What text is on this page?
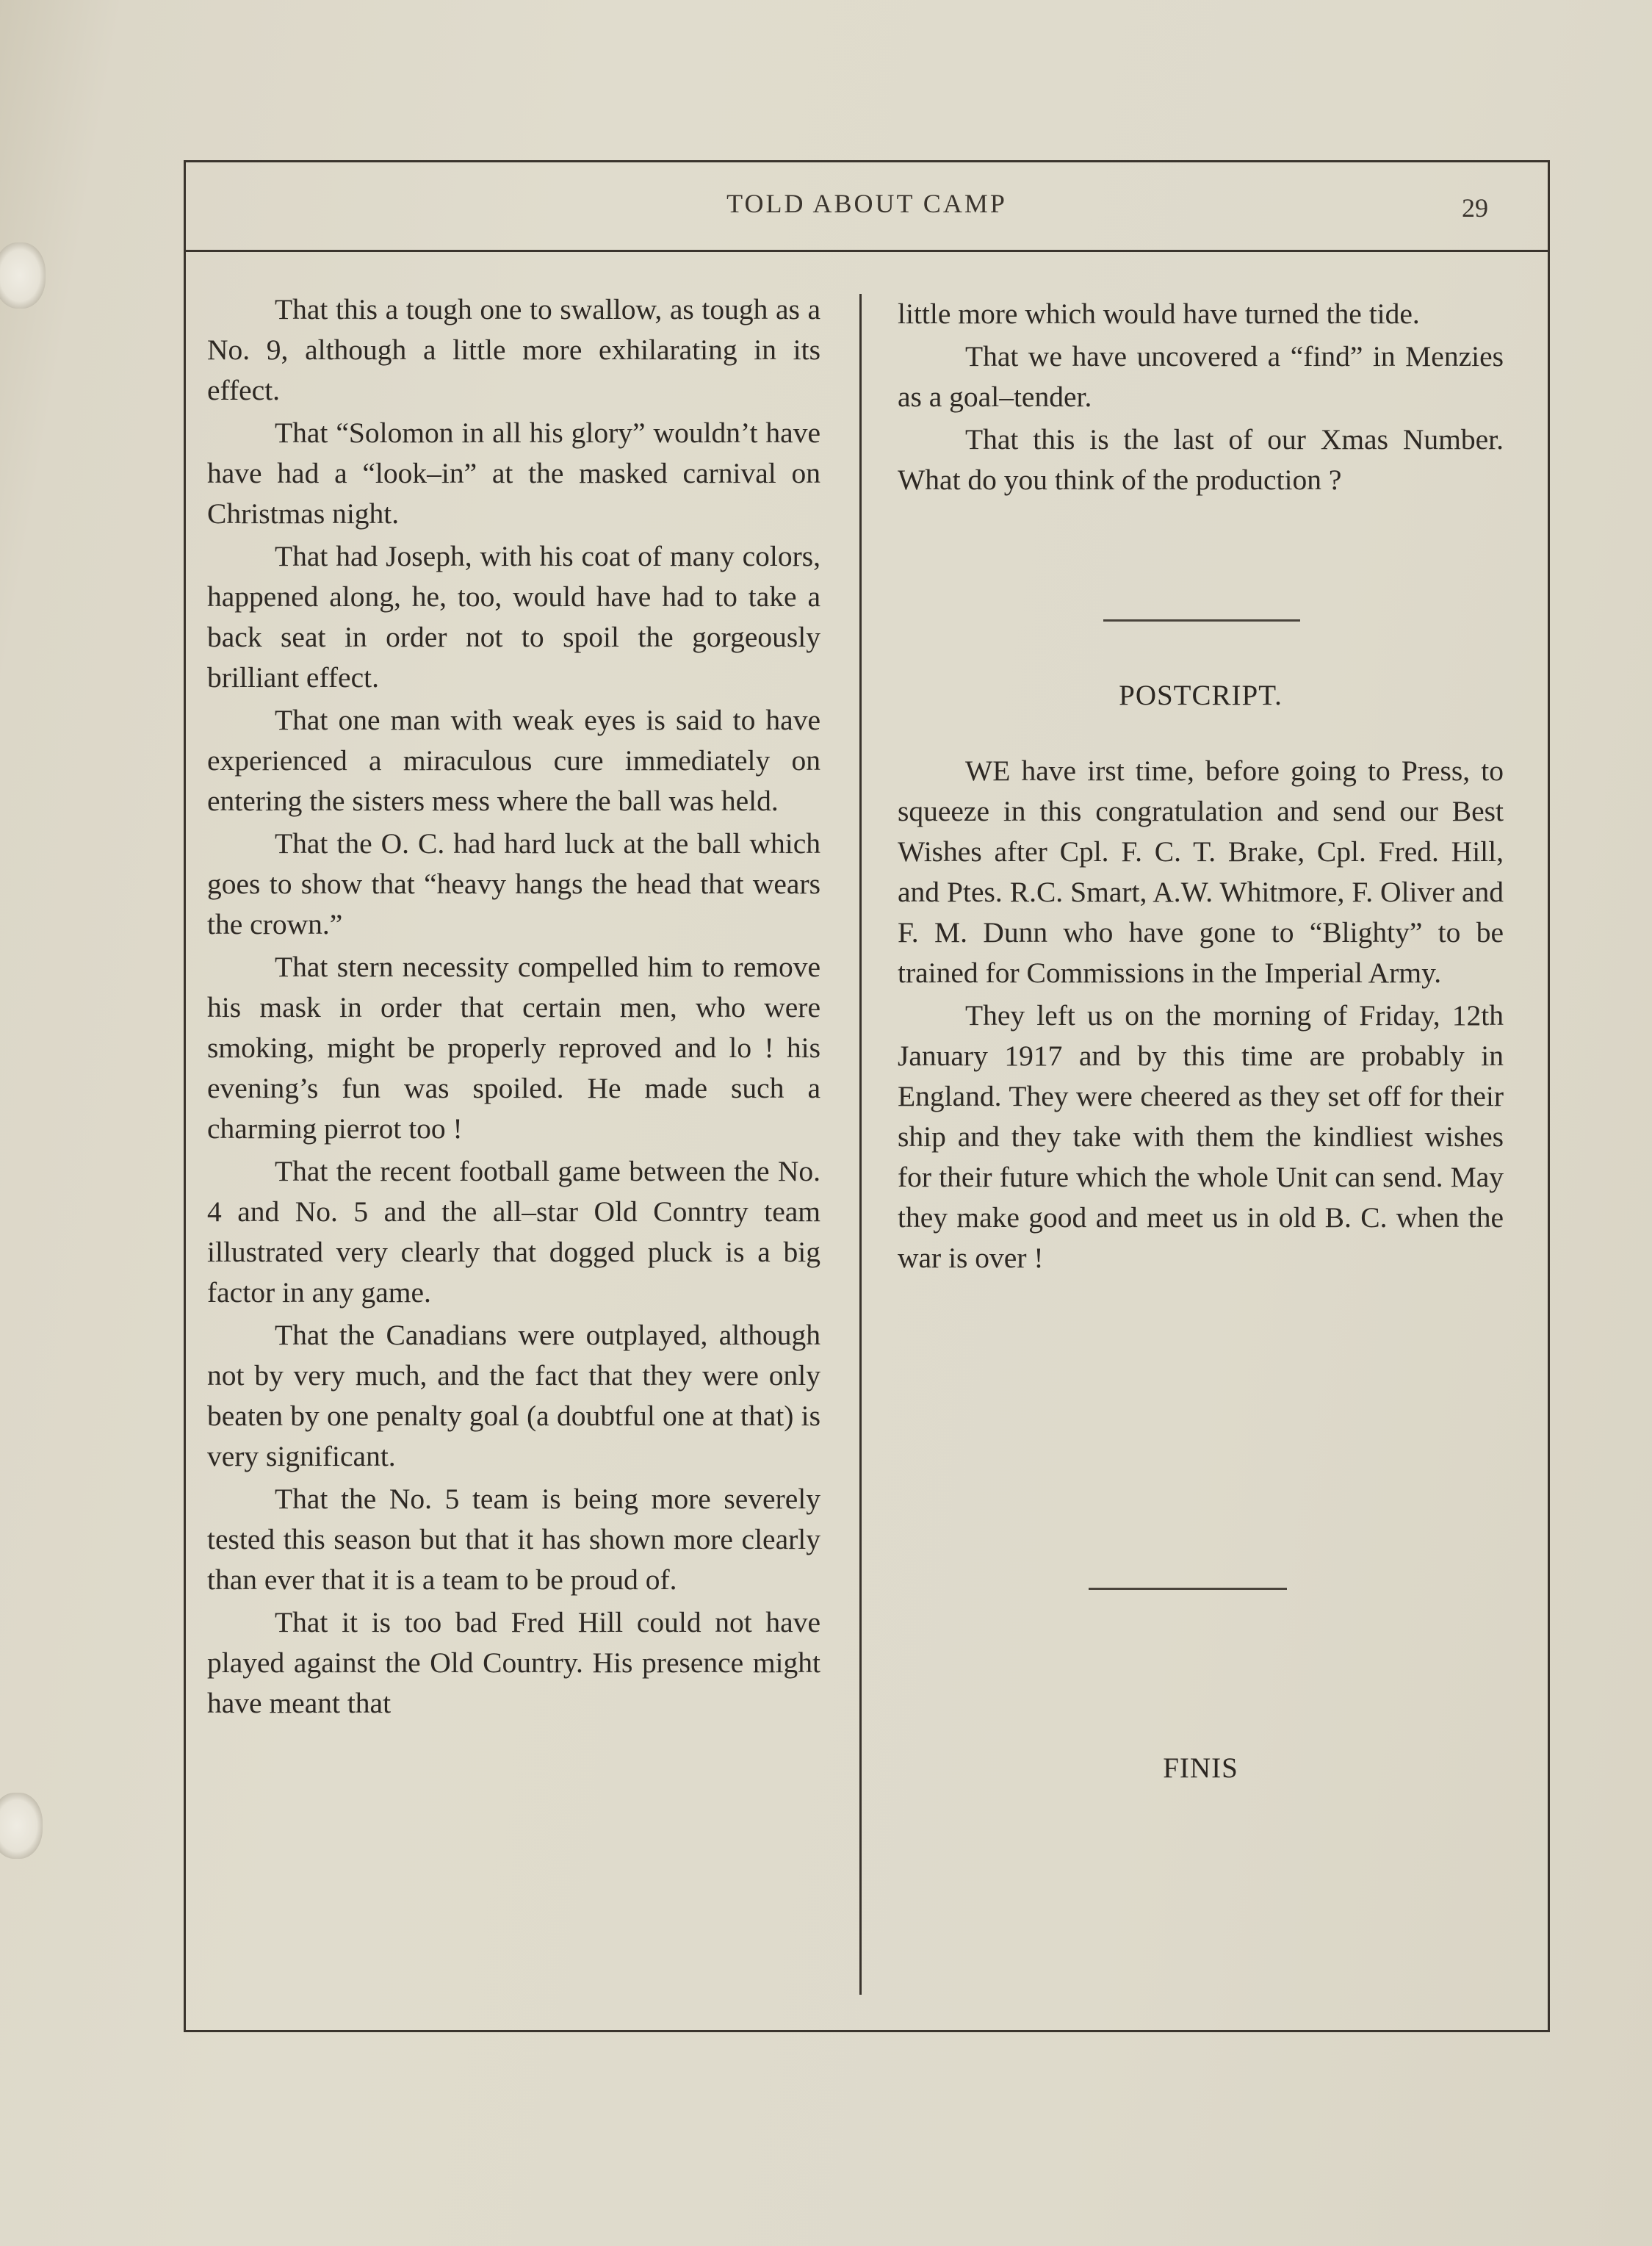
TOLD ABOUT CAMP	29

That this a tough one to swallow, as tough as a No. 9, although a little more exhilarating in its effect.

That “Solomon in all his glory” wouldn’t have have had a “look–in” at the masked carnival on Christmas night.

That had Joseph, with his coat of many colors, happened along, he, too, would have had to take a back seat in order not to spoil the gorgeously brilliant effect.

That one man with weak eyes is said to have experienced a miraculous cure immediately on entering the sisters mess where the ball was held.

That the O. C. had hard luck at the ball which goes to show that “heavy hangs the head that wears the crown.”

That stern necessity compelled him to remove his mask in order that certain men, who were smoking, might be properly reproved and lo ! his evening’s fun was spoiled. He made such a charming pierrot too !

That the recent football game between the No. 4 and No. 5 and the all–star Old Conntry team illustrated very clearly that dogged pluck is a big factor in any game.

That the Canadians were outplayed, although not by very much, and the fact that they were only beaten by one penalty goal (a doubtful one at that) is very significant.

That the No. 5 team is being more severely tested this season but that it has shown more clearly than ever that it is a team to be proud of.

That it is too bad Fred Hill could not have played against the Old Country. His presence might have meant that

little more which would have turned the tide.

That we have uncovered a “find” in Menzies as a goal–tender.

That this is the last of our Xmas Number. What do you think of the production ?

POSTCRIPT.

WE have irst time, before going to Press, to squeeze in this congratulation and send our Best Wishes after Cpl. F. C. T. Brake, Cpl. Fred. Hill, and Ptes. R.C. Smart, A.W. Whitmore, F. Oliver and F. M. Dunn who have gone to “Blighty” to be trained for Commissions in the Imperial Army.

They left us on the morning of Friday, 12th January 1917 and by this time are probably in England. They were cheered as they set off for their ship and they take with them the kindliest wishes for their future which the whole Unit can send. May they make good and meet us in old B. C. when the war is over !

FINIS
